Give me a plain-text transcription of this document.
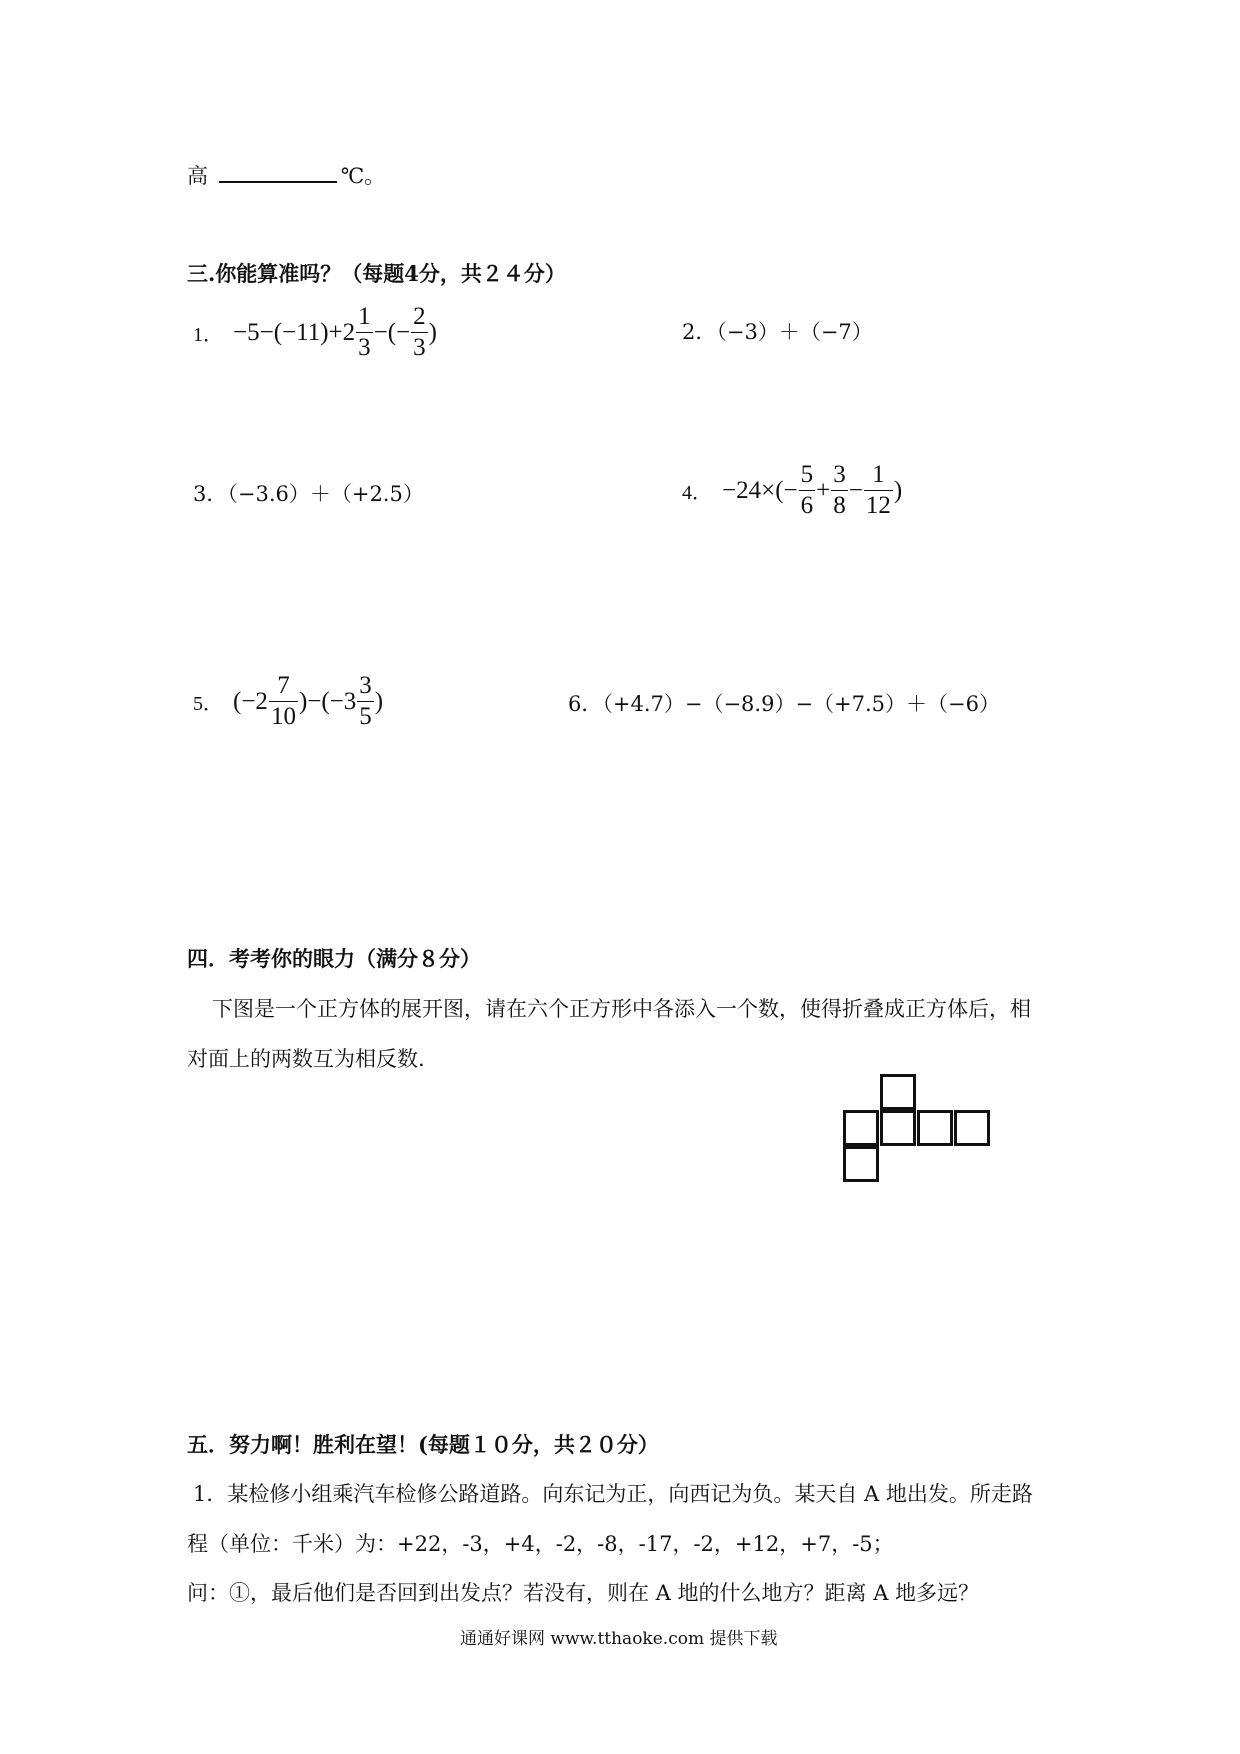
高	℃。
三.你能算准吗？（每题4分，共２４分）
1． $-5-(-11)+2 \frac{1}{3}$ −(− $\frac{2}{3}$ )	2．（−3）＋（−7）
3．（−3.6）＋（+2.5）	4． $-24\times(- \frac{5}{6} + \frac{3}{8} - \frac{1}{12}$ )
5． $(-2 \frac{7}{10} )-(-3 \frac{3}{5}$ )	6．（+4.7）−（−8.9）−（+7.5）＋（−6）
四．考考你的眼力（满分８分）
下图是一个正方体的展开图，请在六个正方形中各添入一个数，使得折叠成正方体后，相
对面上的两数互为相反数.
五．努力啊！胜利在望！(每题１０分，共２０分）
1．某检修小组乘汽车检修公路道路。向东记为正，向西记为负。某天自 A 地出发。所走路
程（单位：千米）为：+22，-3，+4，-2，-8，-17，-2，+12，+7，-5；
问：①，最后他们是否回到出发点？若没有，则在 A 地的什么地方？距离 A 地多远？
通通好课网 www.tthaoke.com 提供下载
